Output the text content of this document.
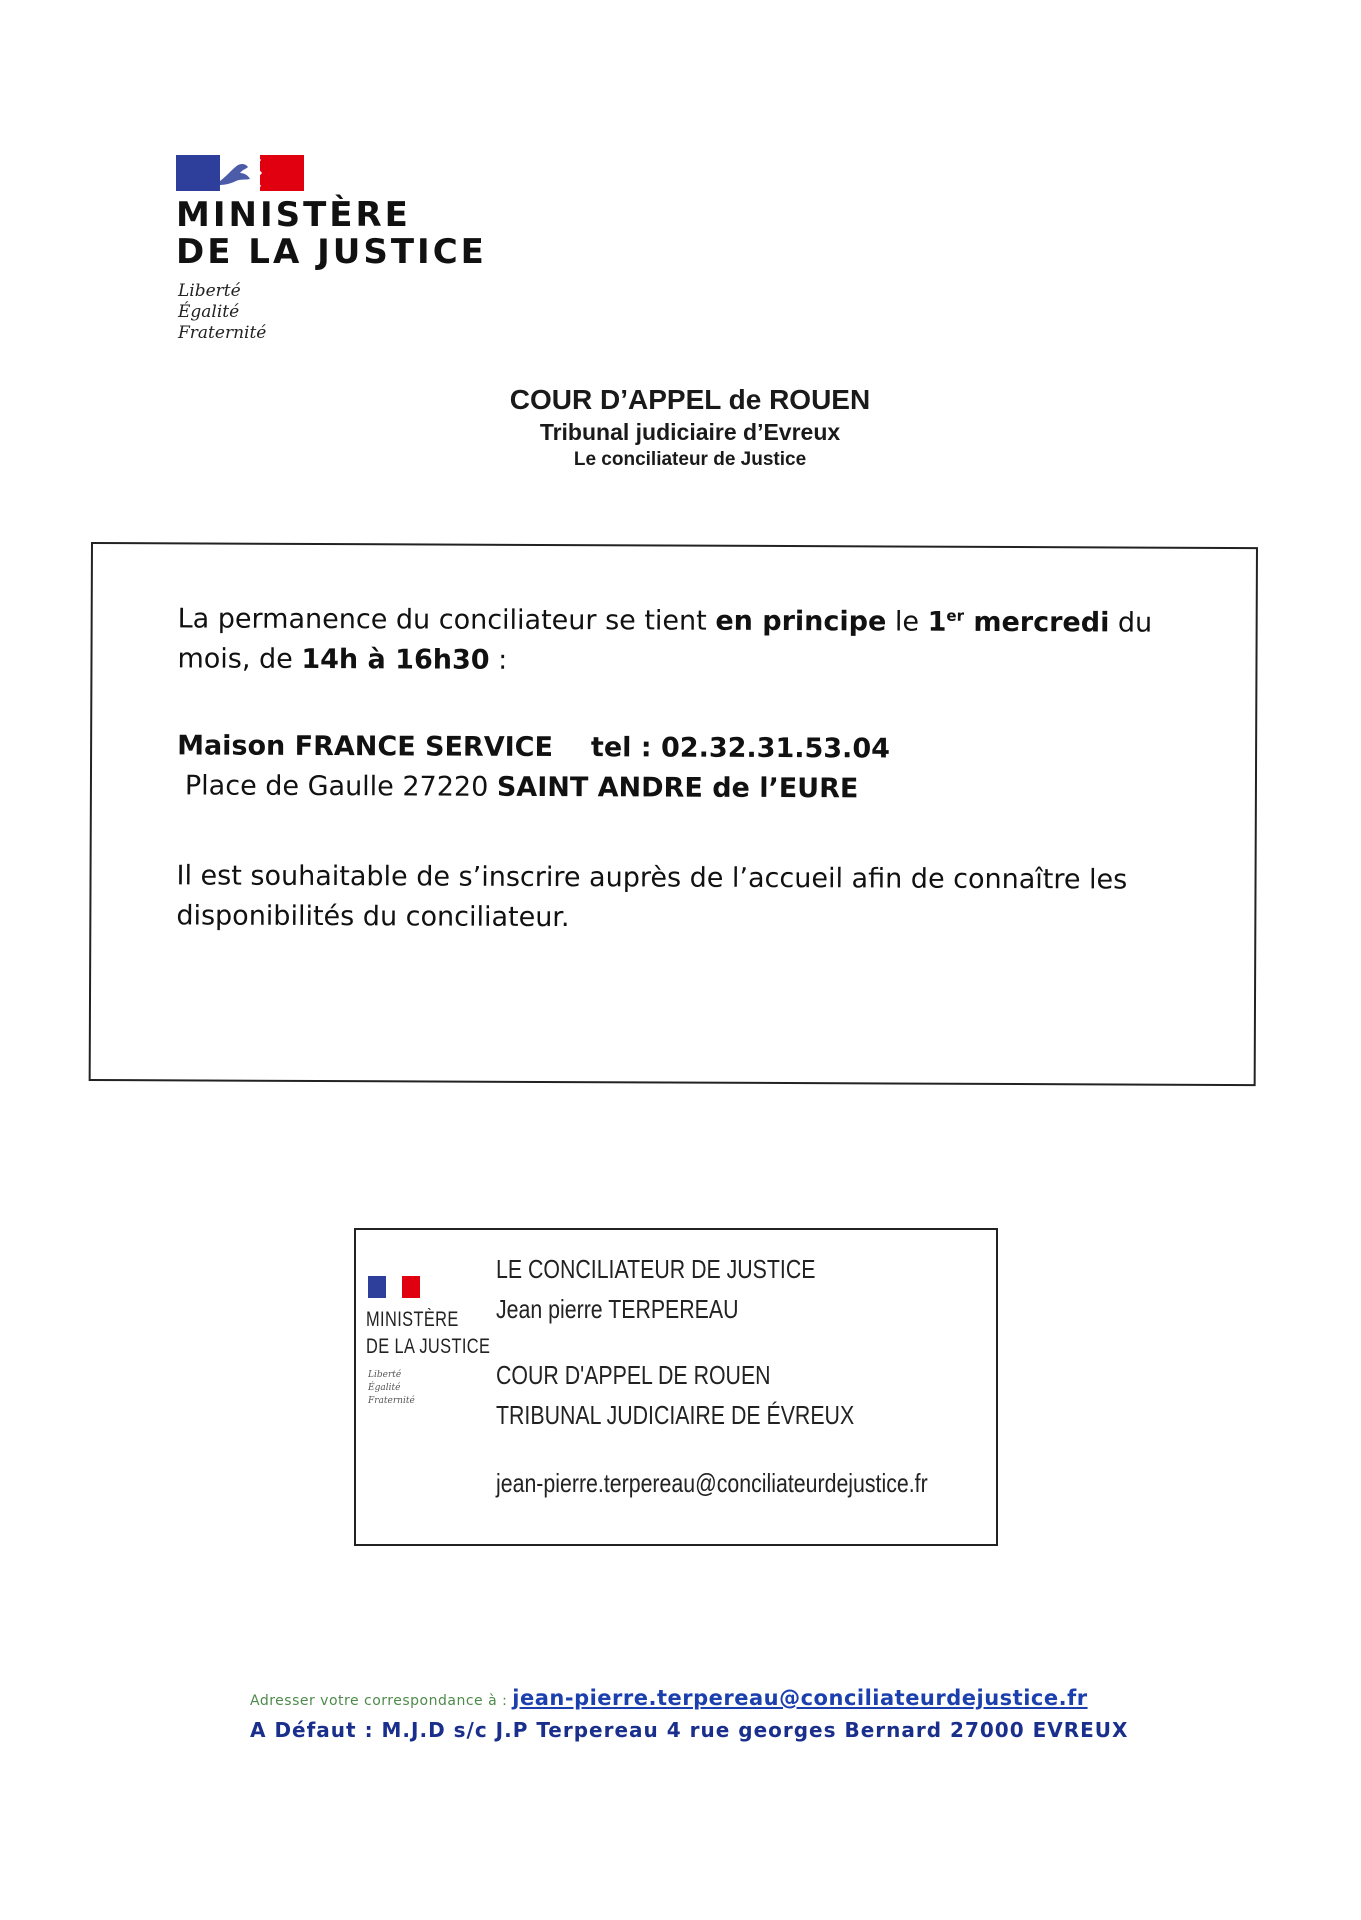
MINISTÈRE
DE LA JUSTICE
Liberté
Égalité
Fraternité
COUR D’APPEL de ROUEN
Tribunal judiciaire d’Evreux
Le conciliateur de Justice
La permanence du conciliateur se tient en principe le 1er mercredi du mois, de 14h à 16h30 :
Maison FRANCE SERVICE tel : 02.32.31.53.04
Place de Gaulle 27220 SAINT ANDRE de l’EURE
Il est souhaitable de s’inscrire auprès de l’accueil afin de connaître les disponibilités du conciliateur.
MINISTÈRE
DE LA JUSTICE
Liberté
Égalité
Fraternité
LE CONCILIATEUR DE JUSTICE
Jean pierre TERPEREAU
COUR D'APPEL DE ROUEN
TRIBUNAL JUDICIAIRE DE ÉVREUX
jean-pierre.terpereau@conciliateurdejustice.fr
Adresser votre correspondance à : jean-pierre.terpereau@conciliateurdejustice.fr
A Défaut : M.J.D s/c J.P Terpereau 4 rue georges Bernard 27000 EVREUX
